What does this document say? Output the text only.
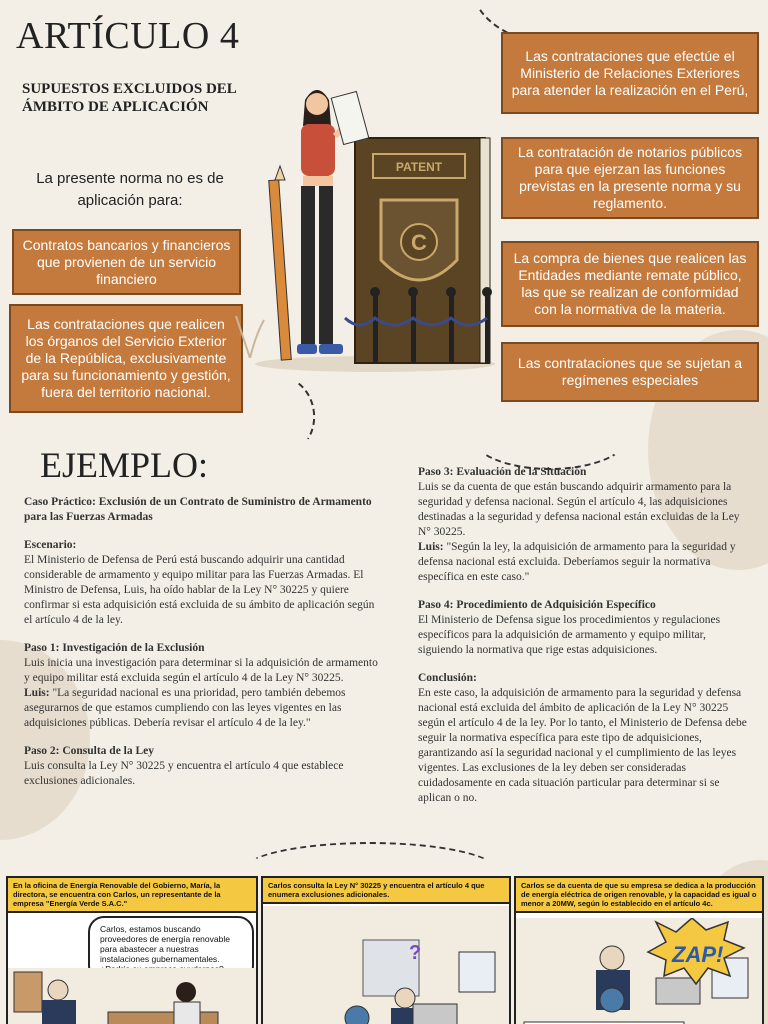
ARTÍCULO 4
SUPUESTOS EXCLUIDOS DEL ÁMBITO DE APLICACIÓN
La presente norma no es de aplicación para:
Contratos bancarios y financieros que provienen de un servicio financiero
Las contrataciones que realicen los órganos del Servicio Exterior de la República, exclusivamente para su funcionamiento y gestión, fuera del territorio nacional.
Las contrataciones que efectúe el Ministerio de Relaciones Exteriores para atender la realización en el Perú,
La contratación de notarios públicos para que ejerzan las funciones previstas en la presente norma y su reglamento.
La compra de bienes que realicen las Entidades mediante remate público, las que se realizan de conformidad con la normativa de la materia.
Las contrataciones que se sujetan a regímenes especiales
PATENT
C
EJEMPLO:

Caso Práctico: Exclusión de un Contrato de Suministro de Armamento para las Fuerzas Armadas

Escenario:
El Ministerio de Defensa de Perú está buscando adquirir una cantidad considerable de armamento y equipo militar para las Fuerzas Armadas. El Ministro de Defensa, Luis, ha oído hablar de la Ley N° 30225 y quiere confirmar si esta adquisición está excluida de su ámbito de aplicación según el artículo 4 de la ley.

Paso 1: Investigación de la Exclusión
Luis inicia una investigación para determinar si la adquisición de armamento y equipo militar está excluida según el artículo 4 de la Ley N° 30225.
Luis: "La seguridad nacional es una prioridad, pero también debemos asegurarnos de que estamos cumpliendo con las leyes vigentes en las adquisiciones públicas. Debería revisar el artículo 4 de la ley."

Paso 2: Consulta de la Ley
Luis consulta la Ley N° 30225 y encuentra el artículo 4 que establece exclusiones adicionales.

Paso 3: Evaluación de la Situación
Luis se da cuenta de que están buscando adquirir armamento para la seguridad y defensa nacional. Según el artículo 4, las adquisiciones destinadas a la seguridad y defensa nacional están excluidas de la Ley N° 30225.
Luis: "Según la ley, la adquisición de armamento para la seguridad y defensa nacional está excluida. Deberíamos seguir la normativa específica en este caso."

Paso 4: Procedimiento de Adquisición Específico
El Ministerio de Defensa sigue los procedimientos y regulaciones específicos para la adquisición de armamento y equipo militar, siguiendo la normativa que rige estas adquisiciones.

Conclusión:
En este caso, la adquisición de armamento para la seguridad y defensa nacional está excluida del ámbito de aplicación de la Ley N° 30225 según el artículo 4 de la ley. Por lo tanto, el Ministerio de Defensa debe seguir la normativa específica para este tipo de adquisiciones, garantizando así la seguridad nacional y el cumplimiento de las leyes vigentes. Las exclusiones de la ley deben ser consideradas cuidadosamente en cada situación particular para determinar si se aplican o no.

En la oficina de Energía Renovable del Gobierno, María, la directora, se encuentra con Carlos, un representante de la empresa "Energía Verde S.A.C."
Carlos, estamos buscando proveedores de energía renovable para abastecer a nuestras instalaciones gubernamentales.
Carlos consulta la Ley N° 30225 y encuentra el artículo 4 que enumera exclusiones adicionales.
?
Carlos se da cuenta de que su empresa se dedica a la producción de energía eléctrica de origen renovable, y la capacidad es igual o menor a 20MW, según lo establecido en el artículo 4c.
ZAP!
